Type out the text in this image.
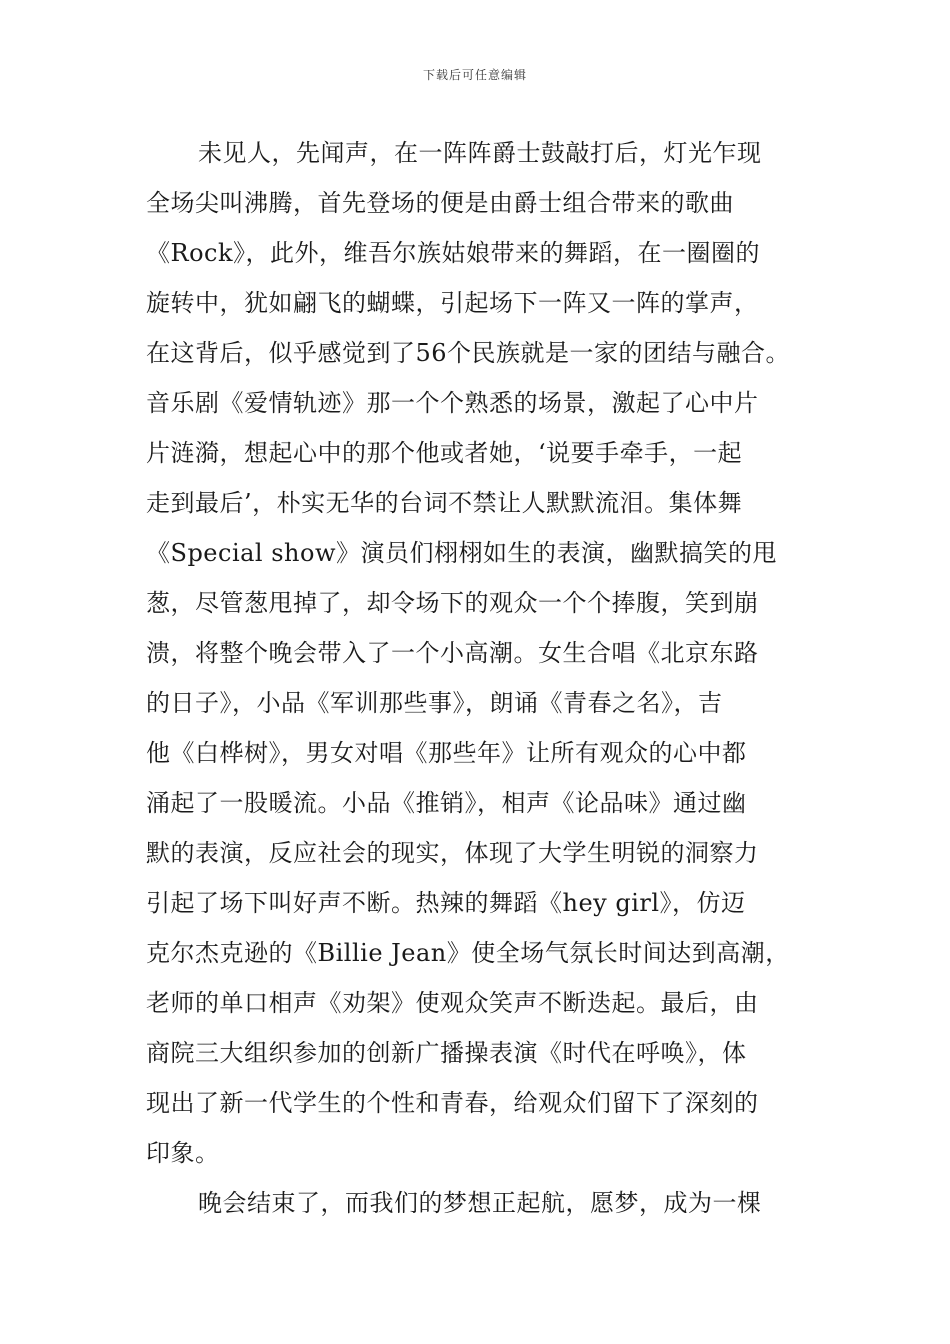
下载后可任意编辑
未见人，先闻声，在一阵阵爵士鼓敲打后，灯光乍现
全场尖叫沸腾，首先登场的便是由爵士组合带来的歌曲
《Rock》，此外，维吾尔族姑娘带来的舞蹈，在一圈圈的
旋转中，犹如翩飞的蝴蝶，引起场下一阵又一阵的掌声，
在这背后，似乎感觉到了56个民族就是一家的团结与融合。
音乐剧《爱情轨迹》那一个个熟悉的场景，激起了心中片
片涟漪，想起心中的那个他或者她，‘说要手牵手，一起
走到最后’，朴实无华的台词不禁让人默默流泪。集体舞
《Special show》演员们栩栩如生的表演，幽默搞笑的甩
葱，尽管葱甩掉了，却令场下的观众一个个捧腹，笑到崩
溃，将整个晚会带入了一个小高潮。女生合唱《北京东路
的日子》，小品《军训那些事》，朗诵《青春之名》，吉
他《白桦树》，男女对唱《那些年》让所有观众的心中都
涌起了一股暖流。小品《推销》，相声《论品味》通过幽
默的表演，反应社会的现实，体现了大学生明锐的洞察力
引起了场下叫好声不断。热辣的舞蹈《hey girl》，仿迈
克尔杰克逊的《Billie Jean》使全场气氛长时间达到高潮，
老师的单口相声《劝架》使观众笑声不断迭起。最后，由
商院三大组织参加的创新广播操表演《时代在呼唤》，体
现出了新一代学生的个性和青春，给观众们留下了深刻的
印象。
晚会结束了，而我们的梦想正起航，愿梦，成为一棵
